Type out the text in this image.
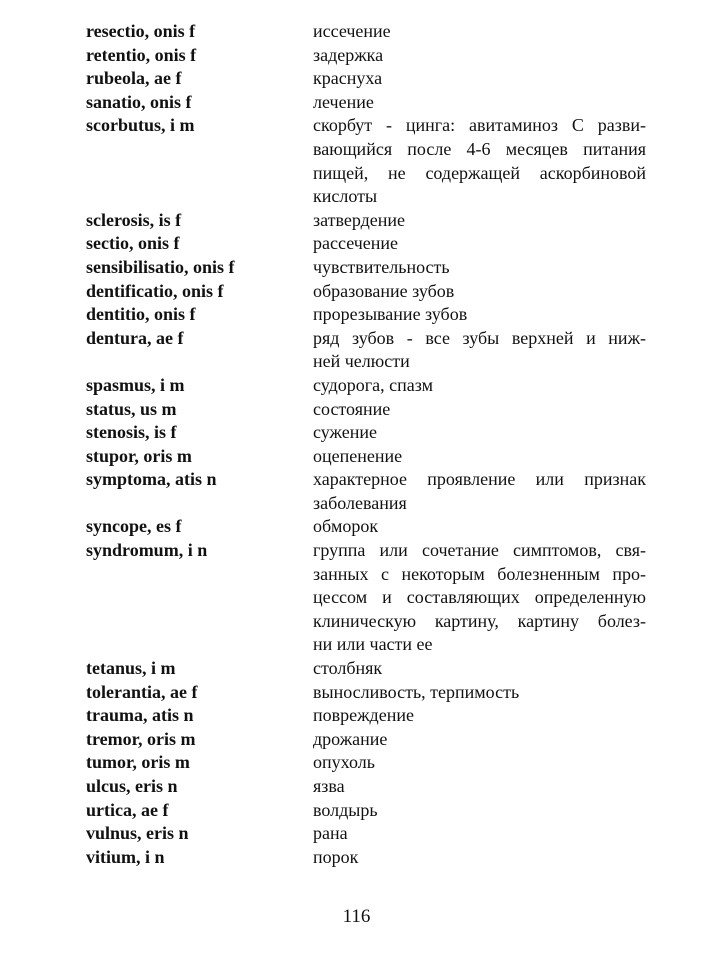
resectio, onis f	иссечение
retentio, onis f	задержка
rubeola, ae f	краснуха
sanatio, onis f	лечение
scorbutus, i m	скорбут - цинга: авитаминоз С разви-
вающийся после 4-6 месяцев питания
пищей, не содержащей аскорбиновой
кислоты
sclerosis, is f	затвердение
sectio, onis f	рассечение
sensibilisatio, onis f	чувствительность
dentificatio, onis f	образование зубов
dentitio, onis f	прорезывание зубов
dentura, ae f	ряд зубов - все зубы верхней и ниж-
ней челюсти
spasmus, i m	судорога, спазм
status, us m	состояние
stenosis, is f	сужение
stupor, oris m	оцепенение
symptoma, atis n	характерное проявление или признак
заболевания
syncope, es f	обморок
syndromum, i n	группа или сочетание симптомов, свя-
занных с некоторым болезненным про-
цессом и составляющих определенную
клиническую картину, картину болез-
ни или части ее
tetanus, i m	столбняк
tolerantia, ae f	выносливость, терпимость
trauma, atis n	повреждение
tremor, oris m	дрожание
tumor, oris m	опухоль
ulcus, eris n	язва
urtica, ae f	волдырь
vulnus, eris n	рана
vitium, i n	порок
116
